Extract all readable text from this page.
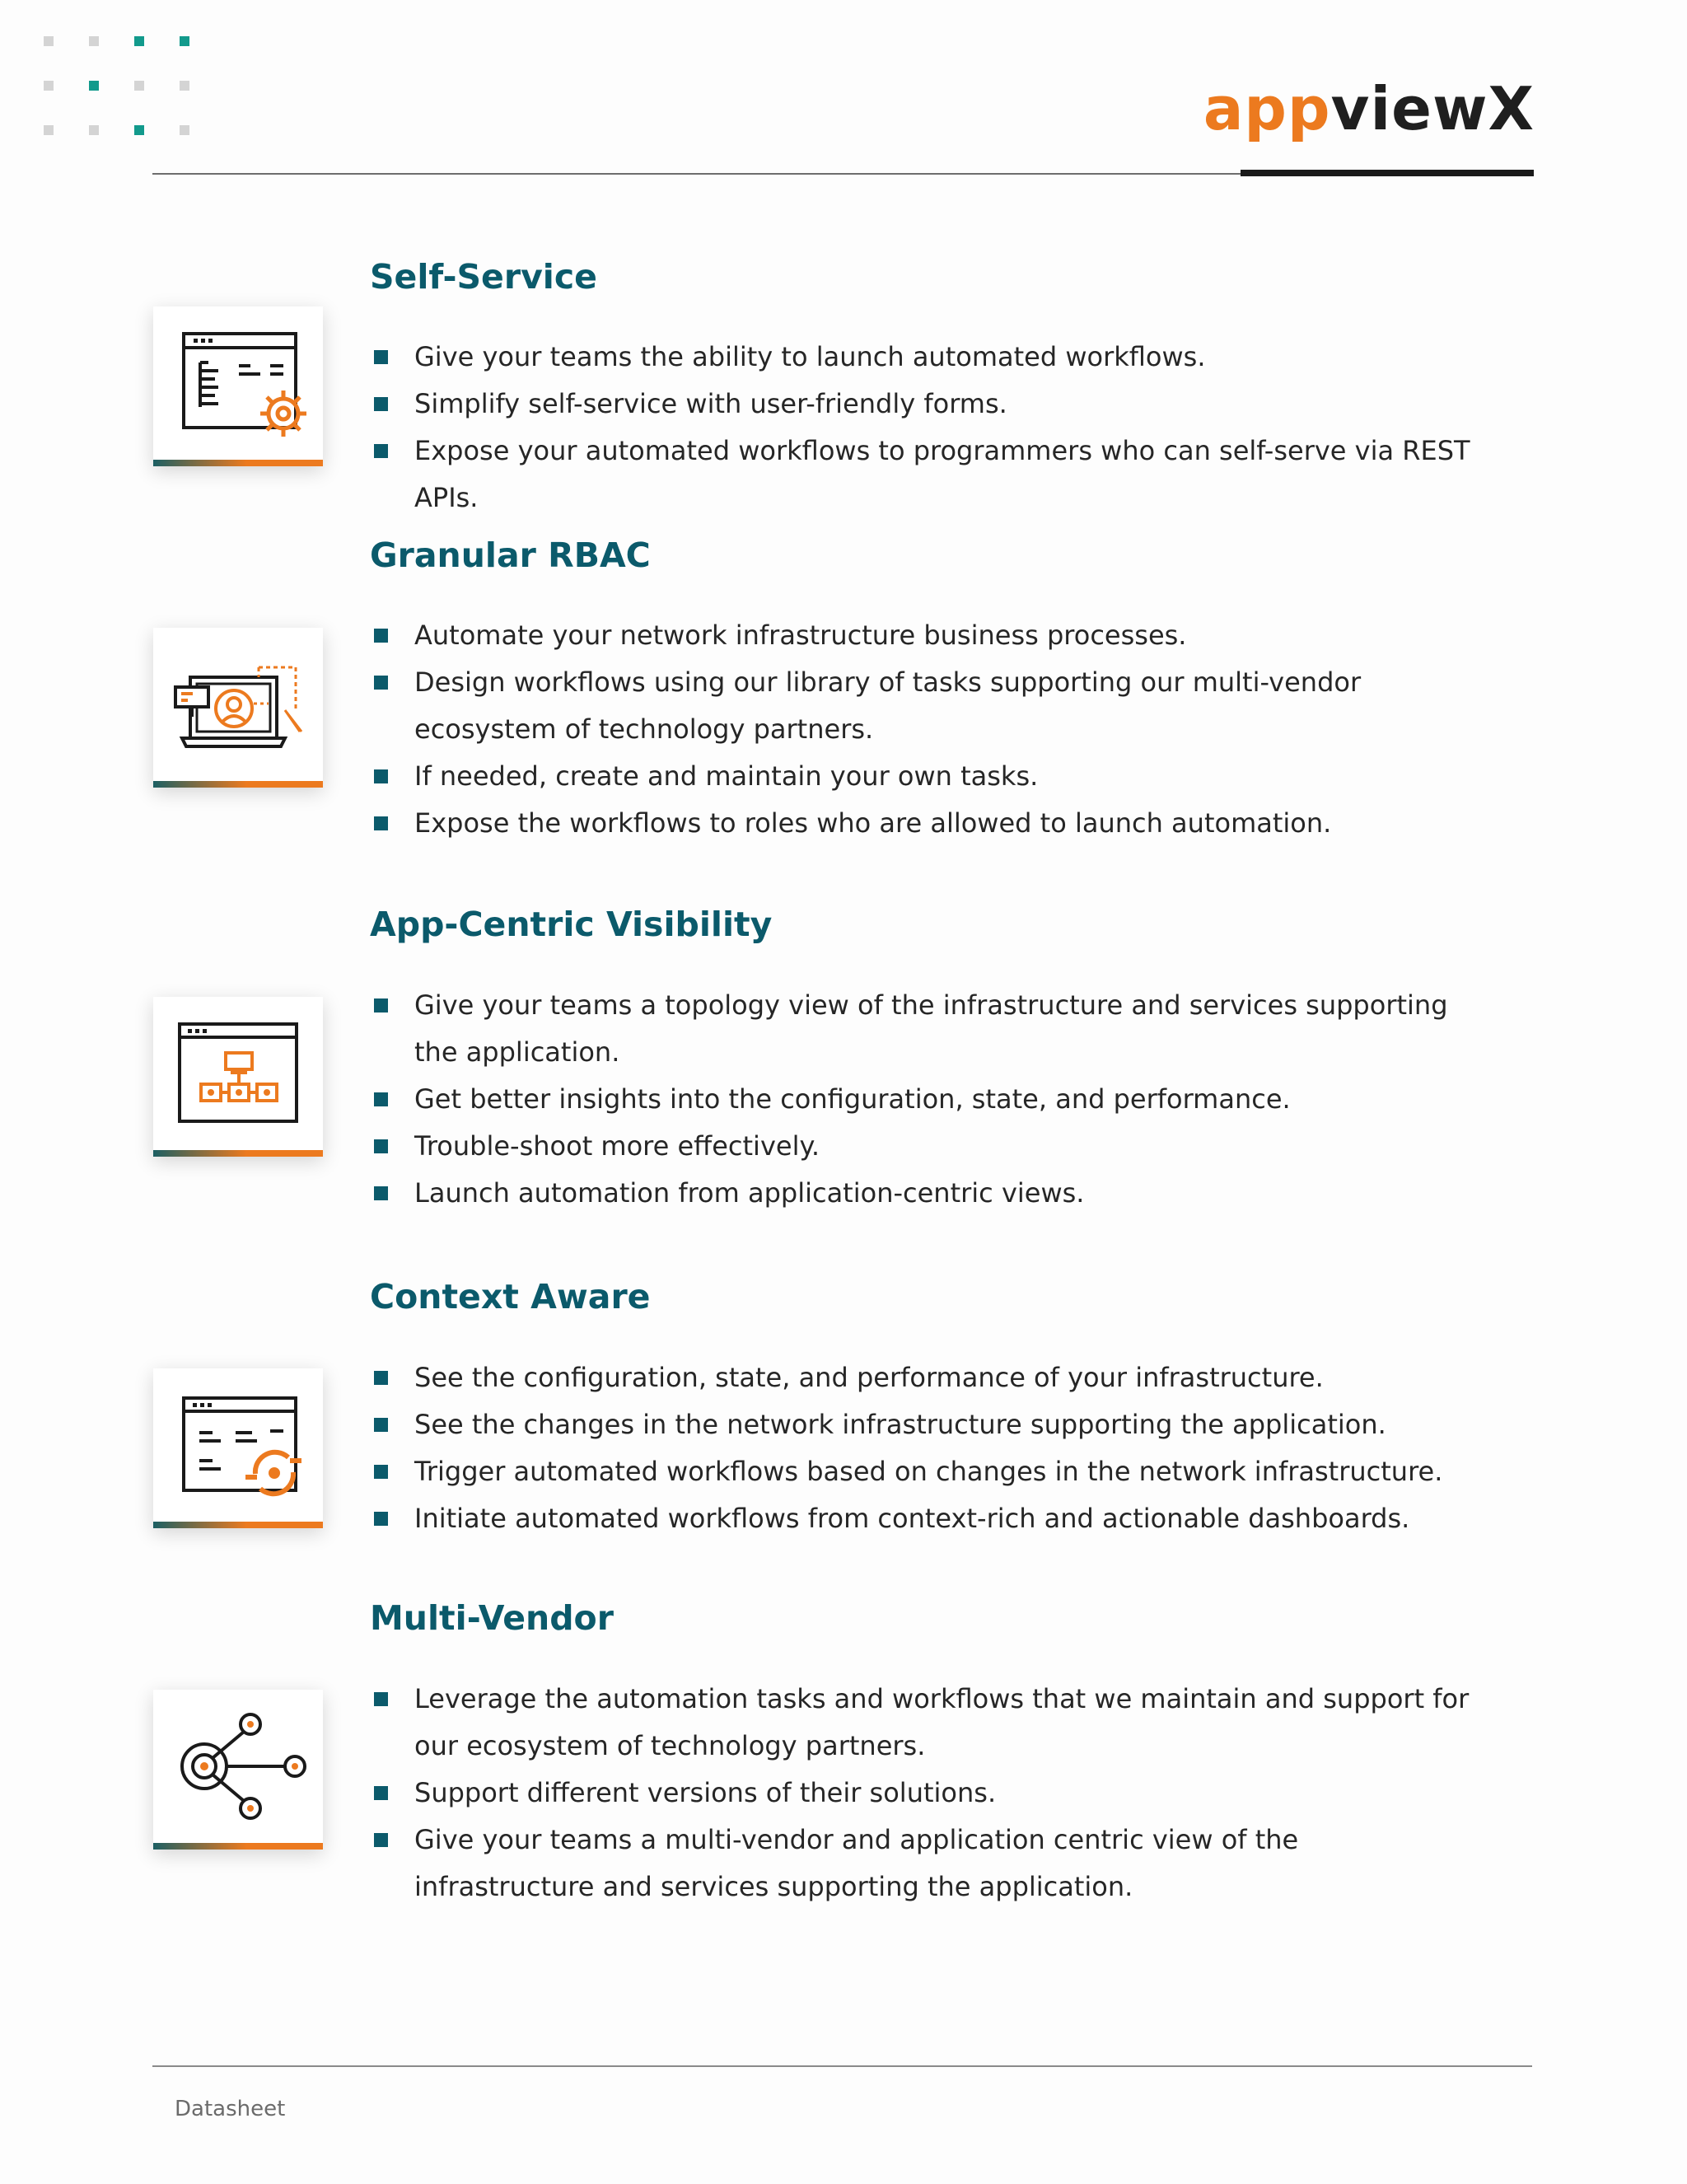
appviewX
Self-Service
Give your teams the ability to launch automated workflows.
Simplify self-service with user-friendly forms.
Expose your automated workflows to programmers who can self-serve via REST APIs.
Granular RBAC
Automate your network infrastructure business processes.
Design workflows using our library of tasks supporting our multi-vendor ecosystem of technology partners.
If needed, create and maintain your own tasks.
Expose the workflows to roles who are allowed to launch automation.
App-Centric Visibility
Give your teams a topology view of the infrastructure and services supporting the application.
Get better insights into the configuration, state, and performance.
Trouble-shoot more effectively.
Launch automation from application-centric views.
Context Aware
See the configuration, state, and performance of your infrastructure.
See the changes in the network infrastructure supporting the application.
Trigger automated workflows based on changes in the network infrastructure.
Initiate automated workflows from context-rich and actionable dashboards.
Multi-Vendor
Leverage the automation tasks and workflows that we maintain and support for our ecosystem of technology partners.
Support different versions of their solutions.
Give your teams a multi-vendor and application centric view of the infrastructure and services supporting the application.
Datasheet
